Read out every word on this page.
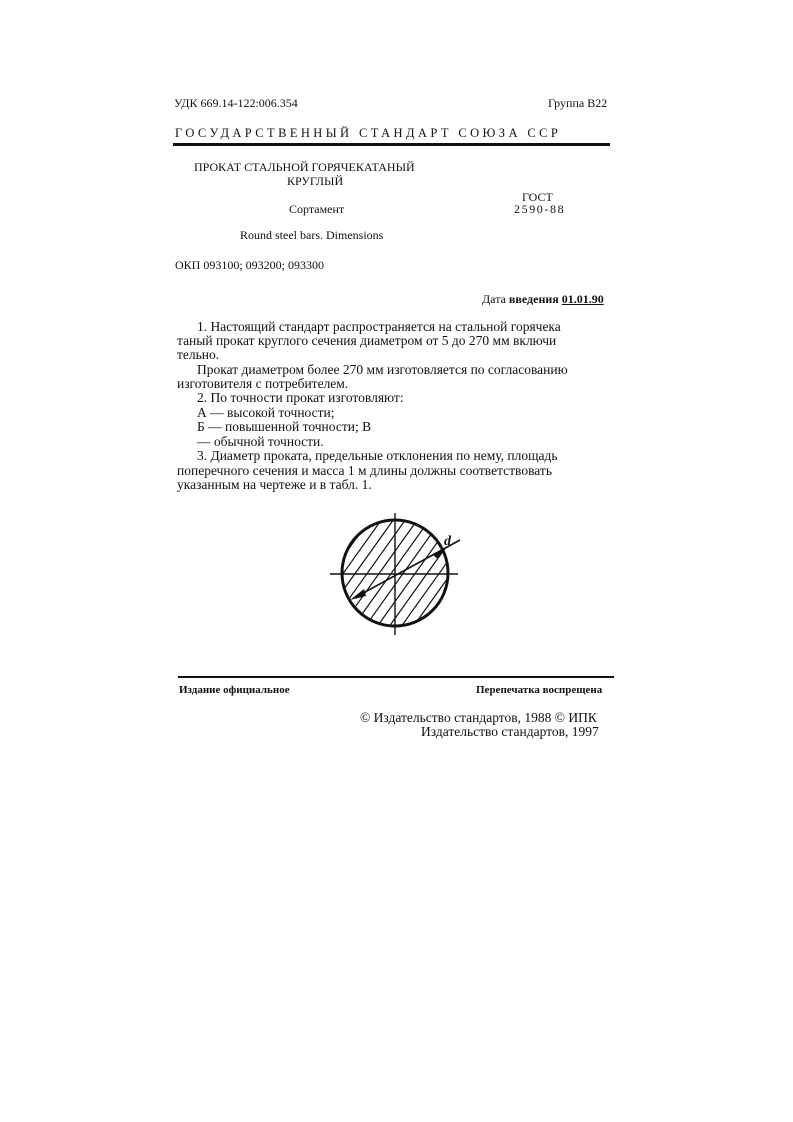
УДК 669.14-122:006.354	Группа В22
ГОСУДАРСТВЕННЫЙ СТАНДАРТ СОЮЗА ССР
ПРОКАТ СТАЛЬНОЙ ГОРЯЧЕКАТАНЫЙ
КРУГЛЫЙ
ГОСТ
2590-88
Сортамент
Round steel bars. Dimensions
ОКП 093100; 093200; 093300
Дата введения 01.01.90
1. Настоящий стандарт распространяется на стальной горячека
таный прокат круглого сечения диаметром от 5 до 270 мм включи
тельно.
Прокат диаметром более 270 мм изготовляется по согласованию
изготовителя с потребителем.
2. По точности прокат изготовляют:
А — высокой точности;
Б — повышенной точности; В
— обычной точности.
3. Диаметр проката, предельные отклонения по нему, площадь
поперечного сечения и масса 1 м длины должны соответствовать
указанным на чертеже и в табл. 1.
d
Издание официальное	Перепечатка воспрещена
© Издательство стандартов, 1988 © ИПК
Издательство стандартов, 1997
